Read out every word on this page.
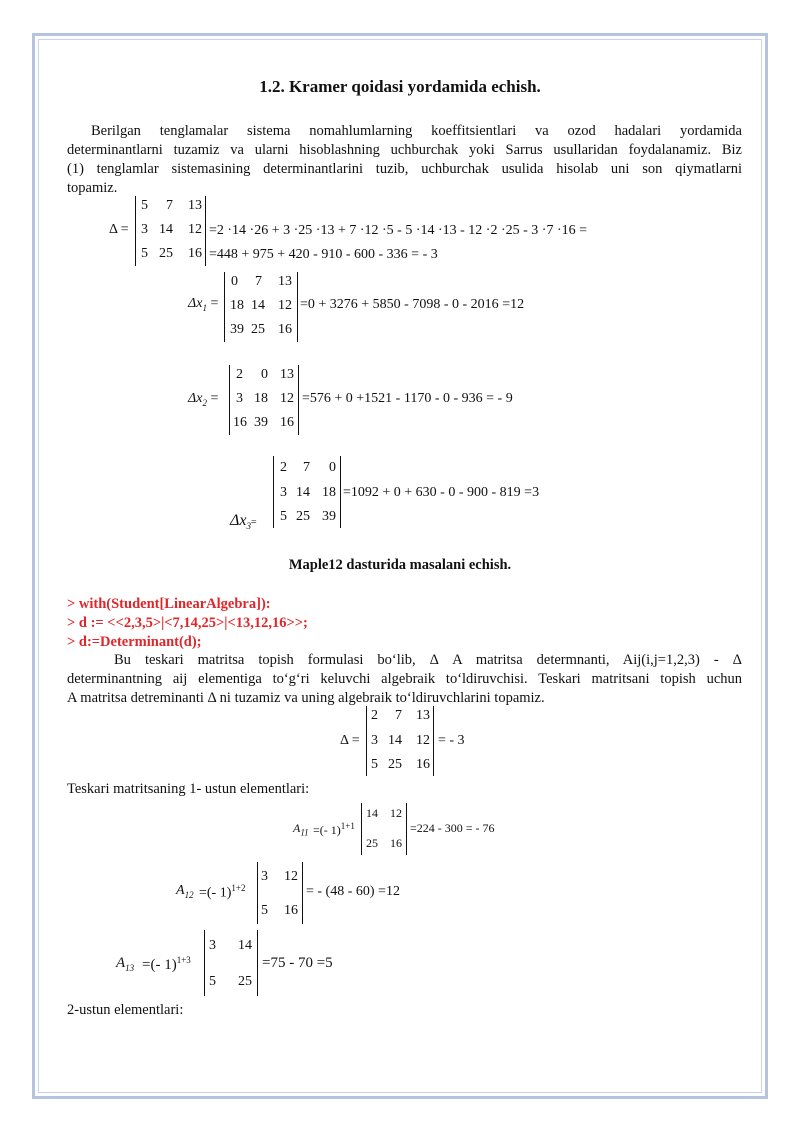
1.2. Kramer qoidasi yordamida echish.
Berilgan tenglamalar sistema nomahlumlarning koeffitsientlari va ozod hadalari yordamida
determinantlarni tuzamiz va ularni hisoblashning uchburchak yoki Sarrus usullaridan foydalanamiz. Biz
(1) tenglamlar sistemasining determinantlarini tuzib, uchburchak usulida hisolab uni son qiymatlarni
topamiz.
Δ =
5	7	13
3 14	12
5 25	16
=2 ·14 ·26 + 3 ·25 ·13 + 7 ·12 ·5 - 5 ·14 ·13 - 12 ·2 ·25 - 3 ·7 ·16 =
=448 + 975 + 420 - 910 - 600 - 336 = - 3
$\Delta x_1$ =
0	7	13
18 14 12
39 25 16
=0 + 3276 + 5850 - 7098 - 0 - 2016 =12
$\Delta x_2$ =
2	0 13
3 18 12
16 39 16
=576 + 0 +1521 - 1170 - 0 - 936 = - 9
$\Delta x_3=$
2	7	0
3 14 18
5 25 39
=1092 + 0 + 630 - 0 - 900 - 819 =3
Maple12 dasturida masalani echish.
> with(Student[LinearAlgebra]):
> d := <<2,3,5>|<7,14,25>|<13,12,16>>;
> d:=Determinant(d);
Bu teskari matritsa topish formulasi bo‘lib, Δ A matritsa determnanti, Aij(i,j=1,2,3) - Δ
determinantning aij elementiga to‘g‘ri keluvchi algebraik to‘ldiruvchisi. Teskari matritsani topish uchun
A matritsa detreminanti Δ ni tuzamiz va uning algebraik to‘ldiruvchlarini topamiz.
Δ =
2	7	13
3 14	12
5 25	16
= - 3
Teskari matritsaning 1- ustun elementlari:
$A_{11}$ =(- 1)$^{1+1}$
14	12
25	16
=224 - 300 = - 76
$A_{12}$ =(- 1)$^{1+2}$
3 12
5 16
= - (48 - 60) =12
$A_{13}$ =(- 1)$^{1+3}$
3	14
5	25
=75 - 70 =5
2-ustun elementlari:
